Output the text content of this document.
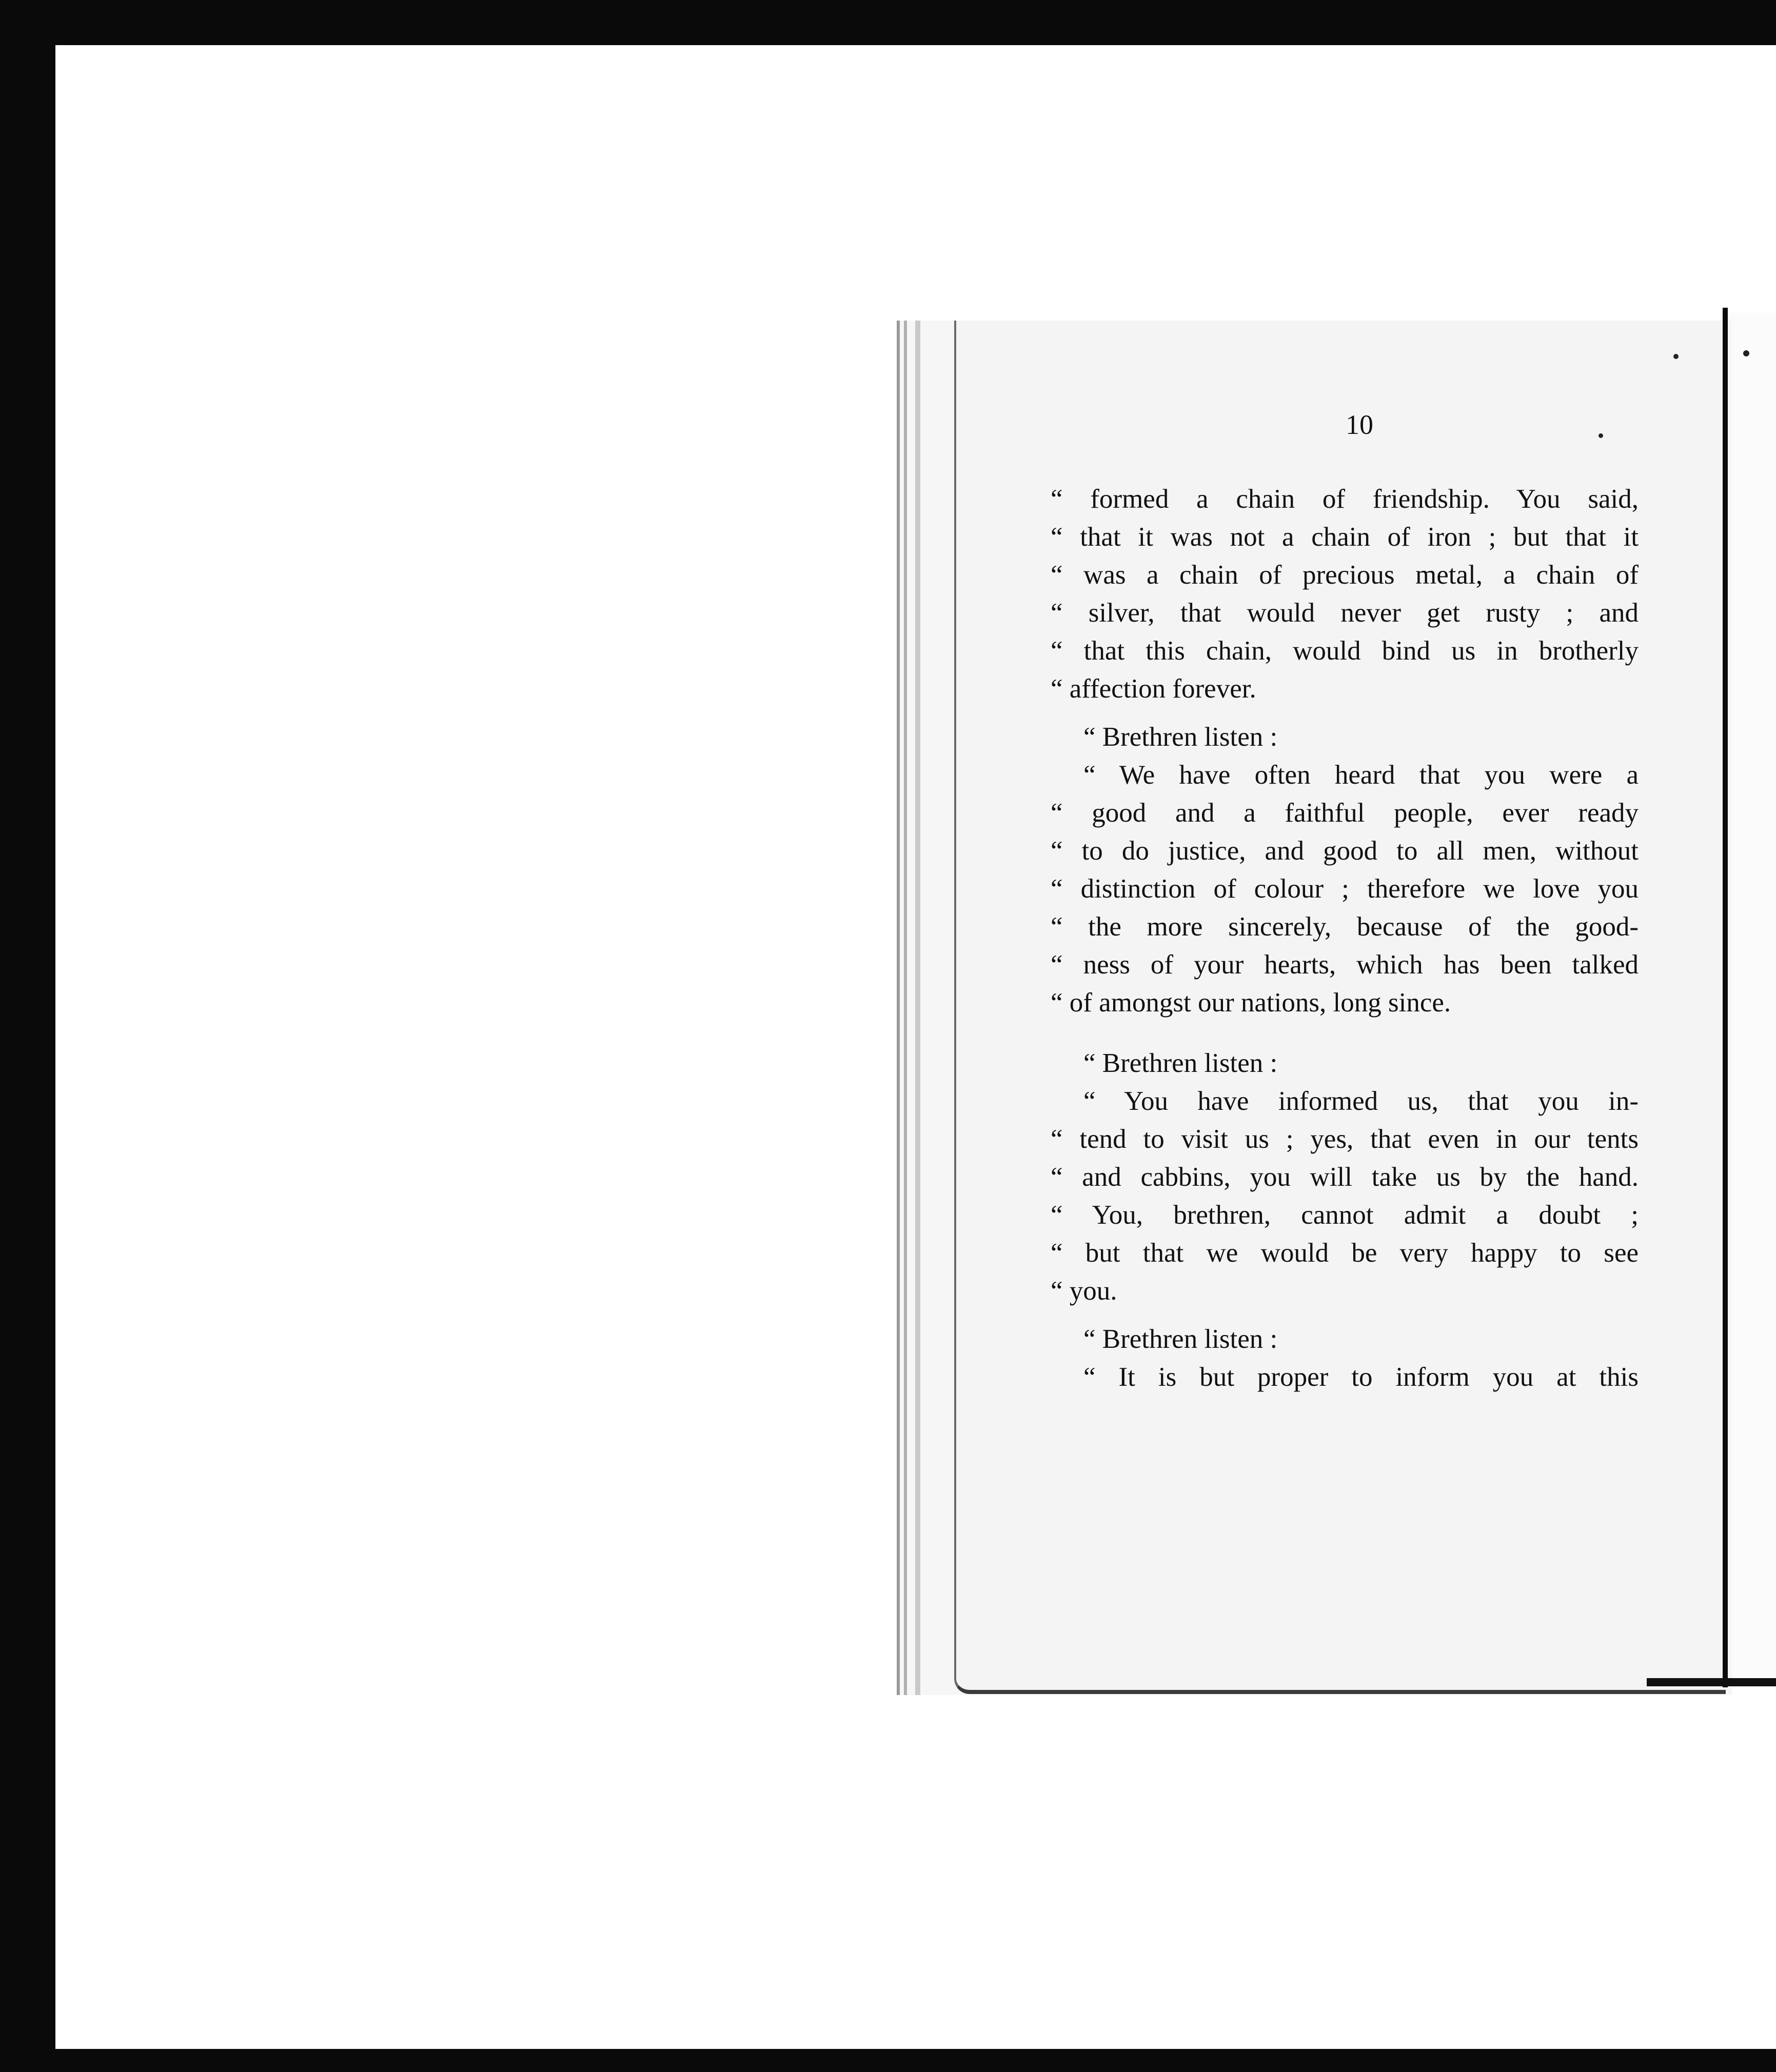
10

“ formed a chain of friendship. You said,
“ that it was not a chain of iron ; but that it
“ was a chain of precious metal, a chain of
“ silver, that would never get rusty ; and
“ that this chain, would bind us in brotherly
“ affection forever.
“ Brethren listen :
“ We have often heard that you were a
“ good and a faithful people, ever ready
“ to do justice, and good to all men, without
“ distinction of colour ; therefore we love you
“ the more sincerely, because of the good-
“ ness of your hearts, which has been talked
“ of amongst our nations, long since.
“ Brethren listen :
“ You have informed us, that you in-
“ tend to visit us ; yes, that even in our tents
“ and cabbins, you will take us by the hand.
“ You, brethren, cannot admit a doubt ;
“ but that we would be very happy to see
“ you.
“ Brethren listen :
“ It is but proper to inform you at this
